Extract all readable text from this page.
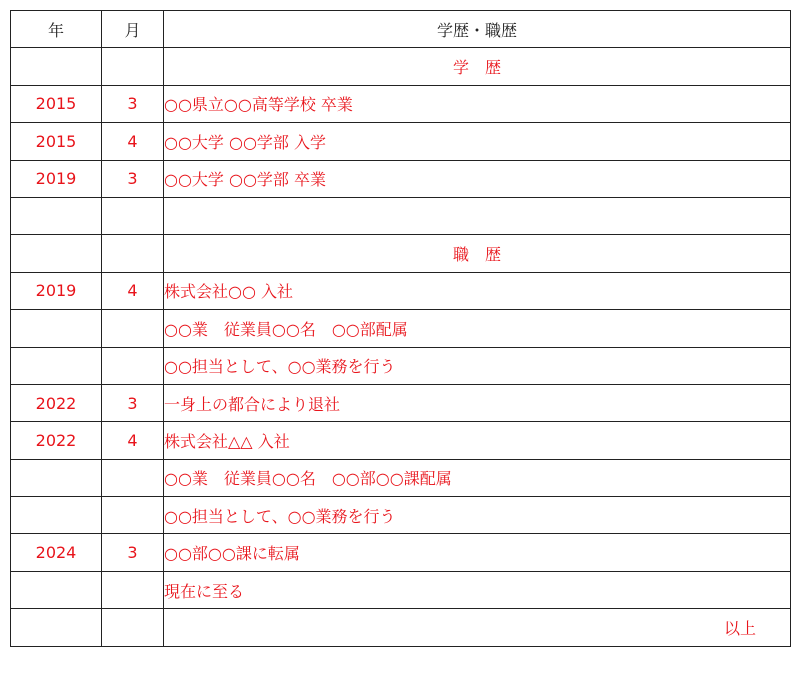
年	月	学歴・職歴
		学　歴
2015	3	○○県立○○高等学校 卒業
2015	4	○○大学 ○○学部 入学
2019	3	○○大学 ○○学部 卒業

		職　歴
2019	4	株式会社○○ 入社
		○○業　従業員○○名　○○部配属
		○○担当として、○○業務を行う
2022	3	一身上の都合により退社
2022	4	株式会社△△ 入社
		○○業　従業員○○名　○○部○○課配属
		○○担当として、○○業務を行う
2024	3	○○部○○課に転属
		現在に至る
		以上
